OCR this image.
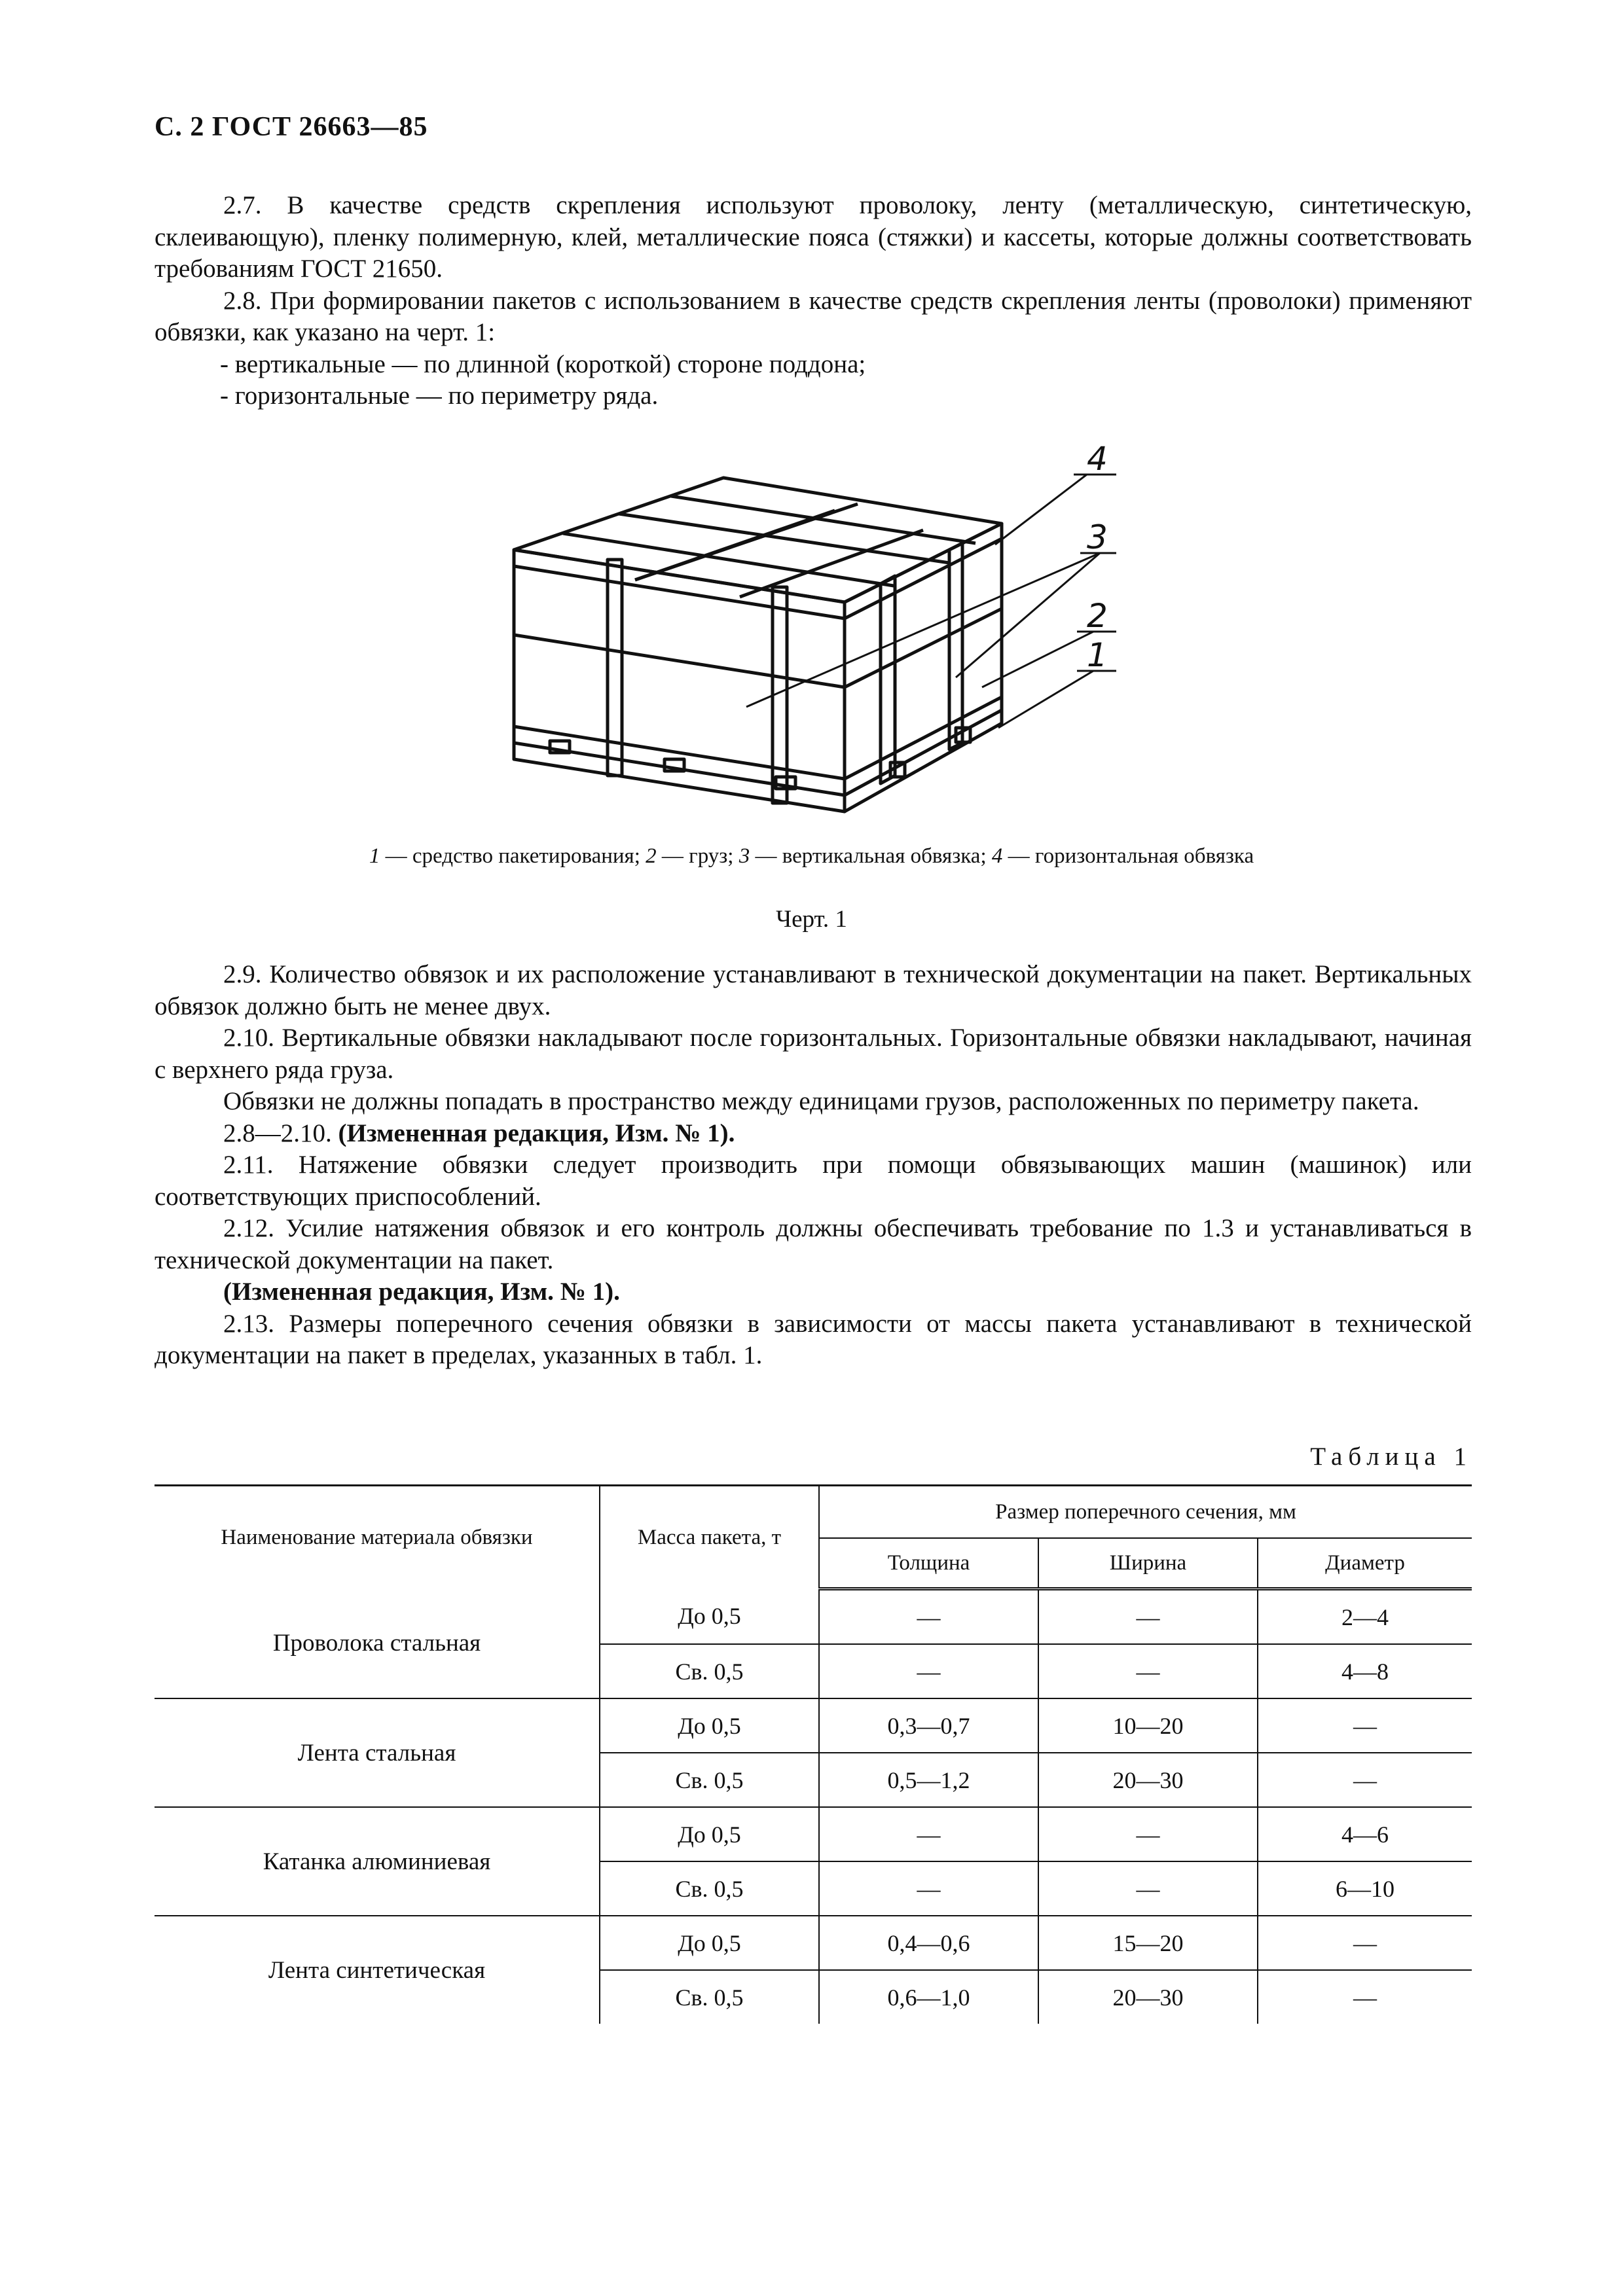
С. 2 ГОСТ 26663—85

2.7. В качестве средств скрепления используют проволоку, ленту (металлическую, синтетическую, склеивающую), пленку полимерную, клей, металлические пояса (стяжки) и кассеты, которые должны соответствовать требованиям ГОСТ 21650.

2.8. При формировании пакетов с использованием в качестве средств скрепления ленты (проволоки) применяют обвязки, как указано на черт. 1:

- вертикальные — по длинной (короткой) стороне поддона;

- горизонтальные — по периметру ряда.

4
3
2
1
1 — средство пакетирования; 2 — груз; 3 — вертикальная обвязка; 4 — горизонтальная обвязка
Черт. 1

2.9. Количество обвязок и их расположение устанавливают в технической документации на пакет. Вертикальных обвязок должно быть не менее двух.

2.10. Вертикальные обвязки накладывают после горизонтальных. Горизонтальные обвязки накладывают, начиная с верхнего ряда груза.

Обвязки не должны попадать в пространство между единицами грузов, расположенных по периметру пакета.

2.8—2.10. (Измененная редакция, Изм. № 1).

2.11. Натяжение обвязки следует производить при помощи обвязывающих машин (машинок) или соответствующих приспособлений.

2.12. Усилие натяжения обвязок и его контроль должны обеспечивать требование по 1.3 и устанавливаться в технической документации на пакет.

(Измененная редакция, Изм. № 1).

2.13. Размеры поперечного сечения обвязки в зависимости от массы пакета устанавливают в технической документации на пакет в пределах, указанных в табл. 1.

Таблица 1
Наименование материала обвязки	Масса пакета, т	Размер поперечного сечения, мм		
		Толщина	Ширина	Диаметр
Проволока стальная	До 0,5	—	—	2—4
	Св. 0,5	—	—	4—8
Лента стальная	До 0,5	0,3—0,7	10—20	—
	Св. 0,5	0,5—1,2	20—30	—
Катанка алюминиевая	До 0,5	—	—	4—6
	Св. 0,5	—	—	6—10
Лента синтетическая	До 0,5	0,4—0,6	15—20	—
	Св. 0,5	0,6—1,0	20—30	—
